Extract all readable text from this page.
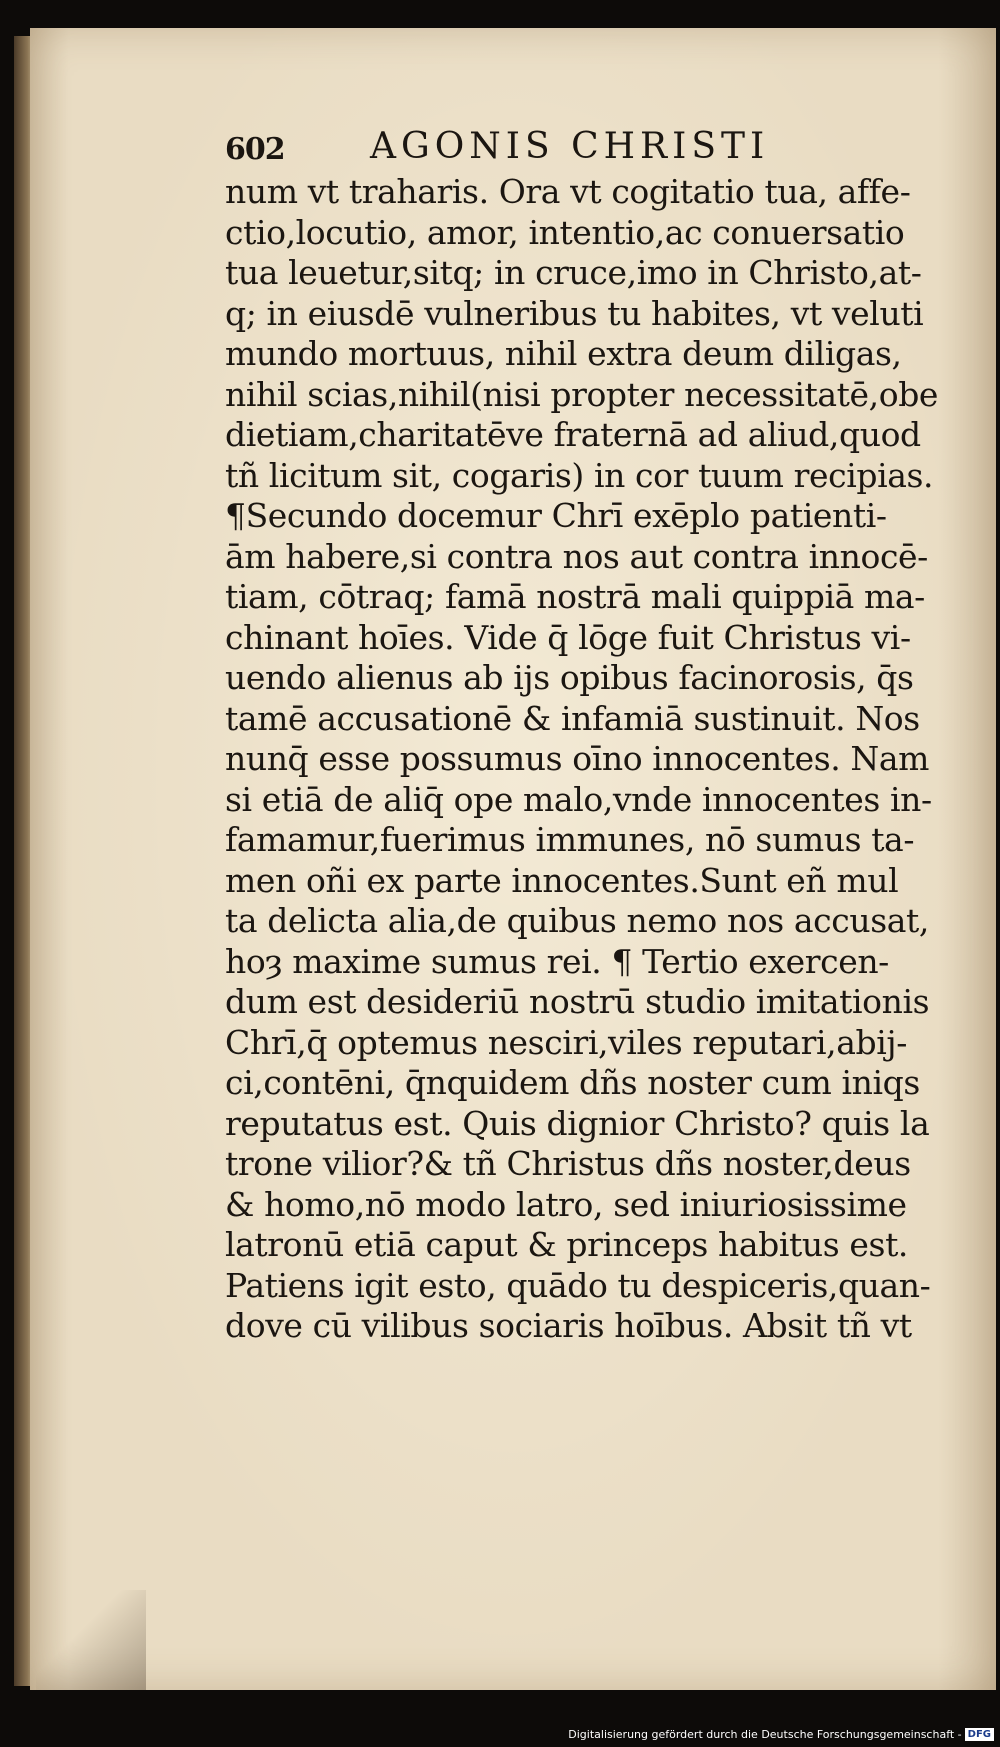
602 AGONIS CHRISTI
num vt traharis. Ora vt cogitatio tua, affe-
ctio,locutio, amor, intentio,ac conuersatio
tua leuetur,sitq; in cruce,imo in Christo,at-
q; in eiusdē vulneribus tu habites, vt veluti
mundo mortuus, nihil extra deum diligas,
nihil scias,nihil(nisi propter necessitatē,obe
dietiam,charitatēve fraternā ad aliud,quod
tñ licitum sit, cogaris) in cor tuum recipias.
¶Secundo docemur Chrī exēplo patienti-
ām habere,si contra nos aut contra innocē-
tiam, cōtraq; famā nostrā mali quippiā ma-
chinant hoīes. Vide q̄ lōge fuit Christus vi-
uendo alienus ab ijs opibus facinorosis, q̄s
tamē accusationē & infamiā sustinuit. Nos
nunq̄ esse possumus oīno innocentes. Nam
si etiā de aliq̄ ope malo,vnde innocentes in-
famamur,fuerimus immunes, nō sumus ta-
men oñi ex parte innocentes.Sunt eñ mul
ta delicta alia,de quibus nemo nos accusat,
hoȝ maxime sumus rei. ¶ Tertio exercen-
dum est desideriū nostrū studio imitationis
Chrī,q̄ optemus nesciri,viles reputari,abij-
ci,contēni, q̄nquidem dñs noster cum iniqs
reputatus est. Quis dignior Christo? quis la
trone vilior?& tñ Christus dñs noster,deus
& homo,nō modo latro, sed iniuriosissime
latronū etiā caput & princeps habitus est.
Patiens igit esto, quādo tu despiceris,quan-
dove cū vilibus sociaris hoībus. Absit tñ vt
Digitalisierung gefördert durch die Deutsche Forschungsgemeinschaft - DFG
